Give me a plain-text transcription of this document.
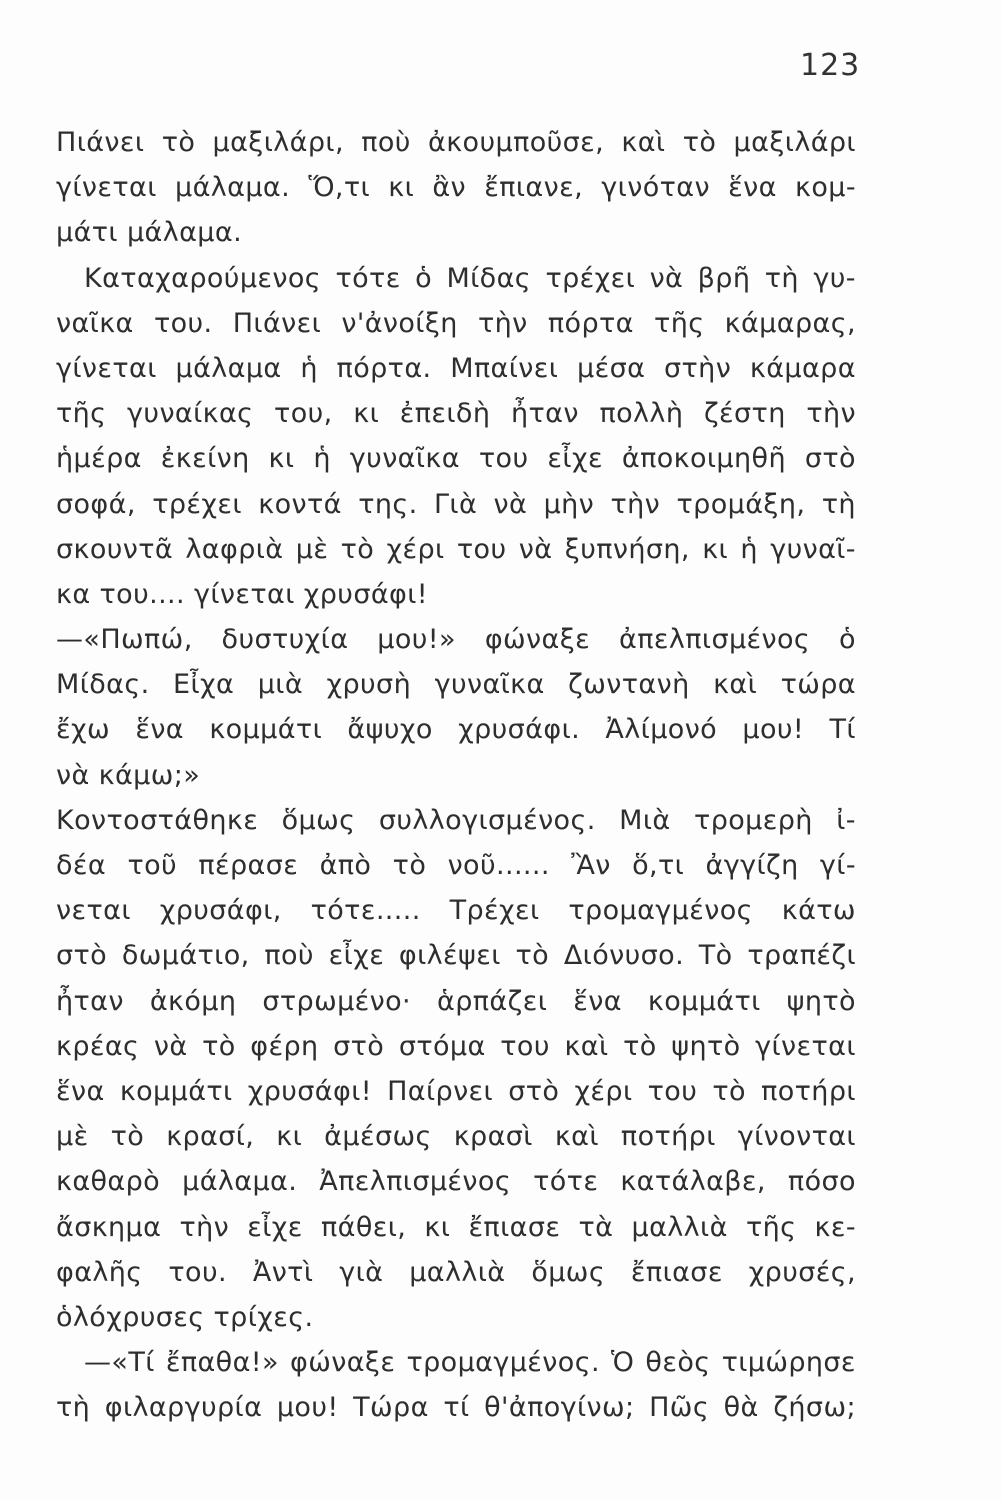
123
Πιάνει τὸ μαξιλάρι, ποὺ ἀκουμποῦσε, καὶ τὸ μαξιλάρι
γίνεται μάλαμα. Ὅ,τι κι ἂν ἔπιανε, γινόταν ἕνα κομ-
μάτι μάλαμα.
Καταχαρούμενος τότε ὁ Μίδας τρέχει νὰ βρῆ τὴ γυ-
ναῖκα του. Πιάνει ν'ἀνοίξη τὴν πόρτα τῆς κάμαρας,
γίνεται μάλαμα ἡ πόρτα. Μπαίνει μέσα στὴν κάμαρα
τῆς γυναίκας του, κι ἐπειδὴ ἦταν πολλὴ ζέστη τὴν
ἡμέρα ἐκείνη κι ἡ γυναῖκα του εἶχε ἀποκοιμηθῆ στὸ
σοφά, τρέχει κοντά της. Γιὰ νὰ μὴν τὴν τρομάξη, τὴ
σκουντᾶ λαφριὰ μὲ τὸ χέρι του νὰ ξυπνήση, κι ἡ γυναῖ-
κα του.... γίνεται χρυσάφι!
—«Πωπώ, δυστυχία μου!» φώναξε ἀπελπισμένος ὁ
Μίδας. Εἶχα μιὰ χρυσὴ γυναῖκα ζωντανὴ καὶ τώρα
ἔχω ἕνα κομμάτι ἄψυχο χρυσάφι. Ἀλίμονό μου! Τί
νὰ κάμω;»
Κοντοστάθηκε ὅμως συλλογισμένος. Μιὰ τρομερὴ ἰ-
δέα τοῦ πέρασε ἀπὸ τὸ νοῦ...... Ἂν ὅ,τι ἀγγίζη γί-
νεται χρυσάφι, τότε..... Τρέχει τρομαγμένος κάτω
στὸ δωμάτιο, ποὺ εἶχε φιλέψει τὸ Διόνυσο. Τὸ τραπέζι
ἦταν ἀκόμη στρωμένο· ἁρπάζει ἕνα κομμάτι ψητὸ
κρέας νὰ τὸ φέρη στὸ στόμα του καὶ τὸ ψητὸ γίνεται
ἕνα κομμάτι χρυσάφι! Παίρνει στὸ χέρι του τὸ ποτήρι
μὲ τὸ κρασί, κι ἀμέσως κρασὶ καὶ ποτήρι γίνονται
καθαρὸ μάλαμα. Ἀπελπισμένος τότε κατάλαβε, πόσο
ἄσκημα τὴν εἶχε πάθει, κι ἔπιασε τὰ μαλλιὰ τῆς κε-
φαλῆς του. Ἀντὶ γιὰ μαλλιὰ ὅμως ἔπιασε χρυσές,
ὁλόχρυσες τρίχες.
—«Τί ἔπαθα!» φώναξε τρομαγμένος. Ὁ θεὸς τιμώρησε
τὴ φιλαργυρία μου! Τώρα τί θ'ἀπογίνω; Πῶς θὰ ζήσω;
